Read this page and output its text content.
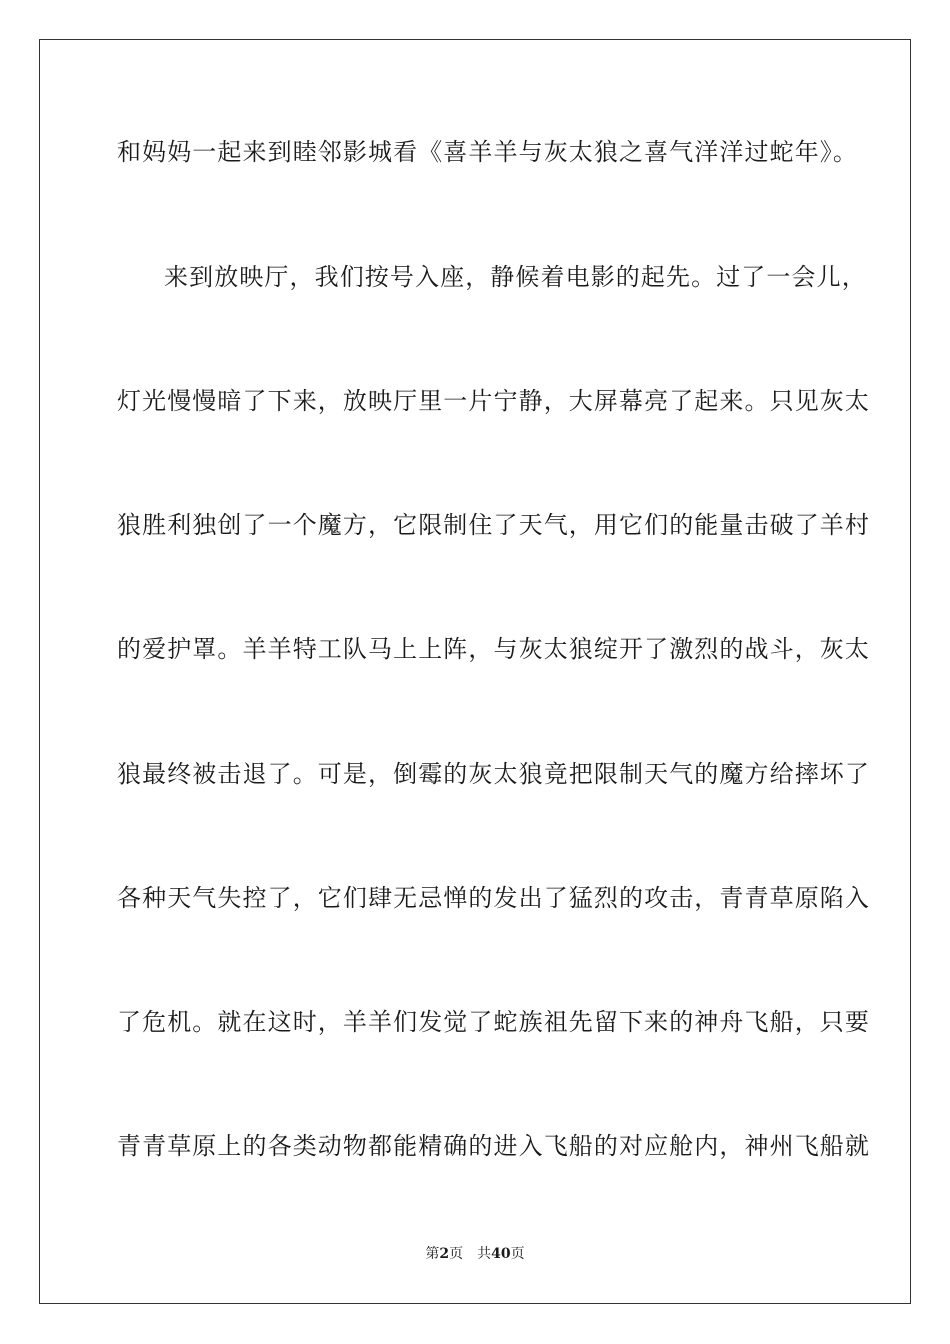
和妈妈一起来到睦邻影城看《喜羊羊与灰太狼之喜气洋洋过蛇年》。
来到放映厅，我们按号入座，静候着电影的起先。过了一会儿，
灯光慢慢暗了下来，放映厅里一片宁静，大屏幕亮了起来。只见灰太
狼胜利独创了一个魔方，它限制住了天气，用它们的能量击破了羊村
的爱护罩。羊羊特工队马上上阵，与灰太狼绽开了激烈的战斗，灰太
狼最终被击退了。可是，倒霉的灰太狼竟把限制天气的魔方给摔坏了
各种天气失控了，它们肆无忌惮的发出了猛烈的攻击，青青草原陷入
了危机。就在这时，羊羊们发觉了蛇族祖先留下来的神舟飞船，只要
青青草原上的各类动物都能精确的进入飞船的对应舱内，神州飞船就
第2页 共40页
